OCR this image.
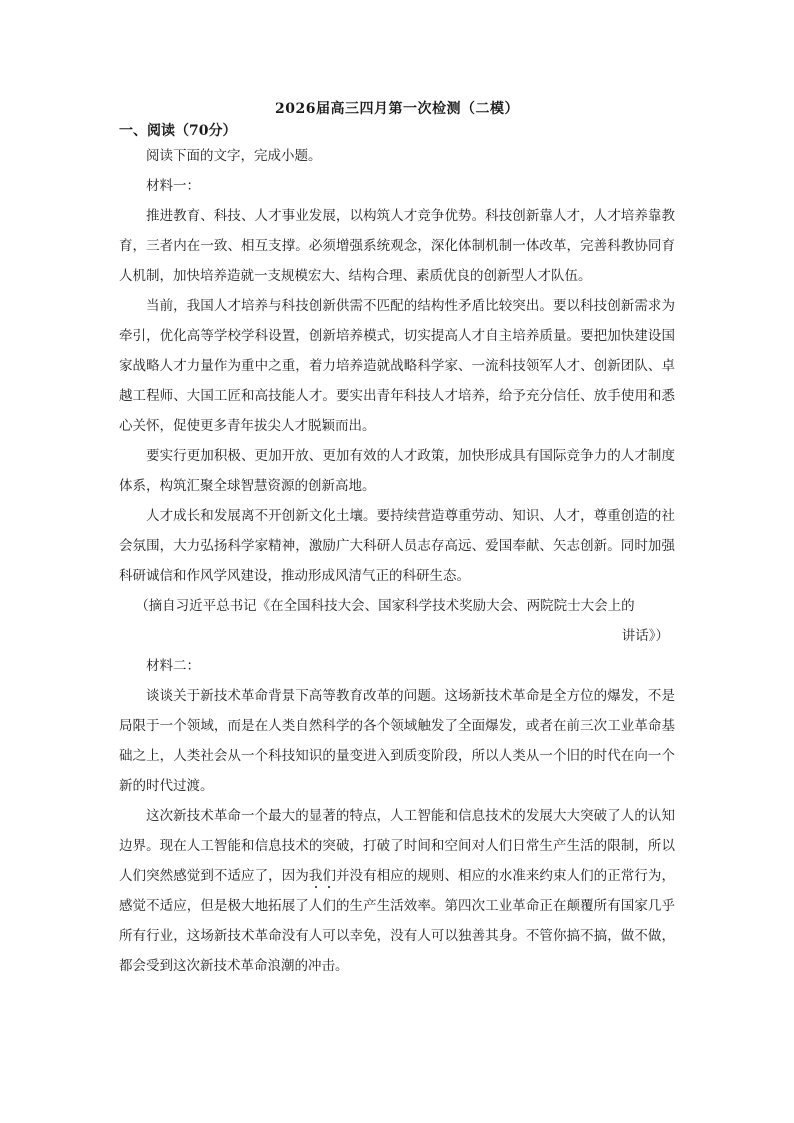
2026届高三四月第一次检测（二模）
一、阅读（70分）

阅读下面的文字，完成小题。

材料一：

推进教育、科技、人才事业发展，以构筑人才竞争优势。科技创新靠人才，人才培养靠教育，三者内在一致、相互支撑。必须增强系统观念，深化体制机制一体改革，完善科教协同育人机制，加快培养造就一支规模宏大、结构合理、素质优良的创新型人才队伍。

当前，我国人才培养与科技创新供需不匹配的结构性矛盾比较突出。要以科技创新需求为牵引，优化高等学校学科设置，创新培养模式，切实提高人才自主培养质量。要把加快建设国家战略人才力量作为重中之重，着力培养造就战略科学家、一流科技领军人才、创新团队、卓越工程师、大国工匠和高技能人才。要实出青年科技人才培养，给予充分信任、放手使用和悉心关怀，促使更多青年拔尖人才脱颖而出。

要实行更加积极、更加开放、更加有效的人才政策，加快形成具有国际竞争力的人才制度体系，构筑汇聚全球智慧资源的创新高地。

人才成长和发展离不开创新文化土壤。要持续营造尊重劳动、知识、人才，尊重创造的社会氛围，大力弘扬科学家精神，激励广大科研人员志存高远、爱国奉献、矢志创新。同时加强科研诚信和作风学风建设，推动形成风清气正的科研生态。

（摘自习近平总书记《在全国科技大会、国家科学技术奖励大会、两院院士大会上的

讲话》）

材料二：

谈谈关于新技术革命背景下高等教育改革的问题。这场新技术革命是全方位的爆发，不是局限于一个领域，而是在人类自然科学的各个领域触发了全面爆发，或者在前三次工业革命基础之上，人类社会从一个科技知识的量变进入到质变阶段，所以人类从一个旧的时代在向一个新的时代过渡。

这次新技术革命一个最大的显著的特点，人工智能和信息技术的发展大大突破了人的认知边界。现在人工智能和信息技术的突破，打破了时间和空间对人们日常生产生活的限制，所以人们突然感觉到不适应了，因为我们并没有相应的规则、相应的水准来约束人们的正常行为，感觉不适应，但是极大地拓展了人们的生产生活效率。第四次工业革命正在颠覆所有国家几乎所有行业，这场新技术革命没有人可以幸免，没有人可以独善其身。不管你搞不搞，做不做，都会受到这次新技术革命浪潮的冲击。
